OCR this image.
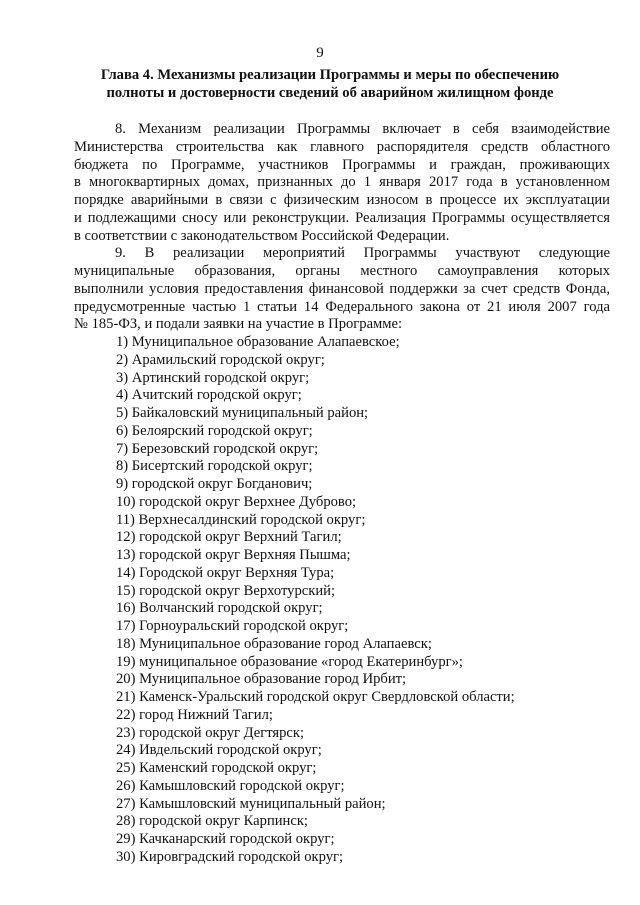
9
Глава 4. Механизмы реализации Программы и меры по обеспечению
полноты и достоверности сведений об аварийном жилищном фонде
8. Механизм реализации Программы включает в себя взаимодействие
Министерства строительства как главного распорядителя средств областного
бюджета по Программе, участников Программы и граждан, проживающих
в многоквартирных домах, признанных до 1 января 2017 года в установленном
порядке аварийными в связи с физическим износом в процессе их эксплуатации
и подлежащими сносу или реконструкции. Реализация Программы осуществляется
в соответствии с законодательством Российской Федерации.
9. В реализации мероприятий Программы участвуют следующие
муниципальные образования, органы местного самоуправления которых
выполнили условия предоставления финансовой поддержки за счет средств Фонда,
предусмотренные частью 1 статьи 14 Федерального закона от 21 июля 2007 года
№ 185-ФЗ, и подали заявки на участие в Программе:
1) Муниципальное образование Алапаевское;
2) Арамильский городской округ;
3) Артинский городской округ;
4) Ачитский городской округ;
5) Байкаловский муниципальный район;
6) Белоярский городской округ;
7) Березовский городской округ;
8) Бисертский городской округ;
9) городской округ Богданович;
10) городской округ Верхнее Дуброво;
11) Верхнесалдинский городской округ;
12) городской округ Верхний Тагил;
13) городской округ Верхняя Пышма;
14) Городской округ Верхняя Тура;
15) городской округ Верхотурский;
16) Волчанский городской округ;
17) Горноуральский городской округ;
18) Муниципальное образование город Алапаевск;
19) муниципальное образование «город Екатеринбург»;
20) Муниципальное образование город Ирбит;
21) Каменск-Уральский городской округ Свердловской области;
22) город Нижний Тагил;
23) городской округ Дегтярск;
24) Ивдельский городской округ;
25) Каменский городской округ;
26) Камышловский городской округ;
27) Камышловский муниципальный район;
28) городской округ Карпинск;
29) Качканарский городской округ;
30) Кировградский городской округ;
